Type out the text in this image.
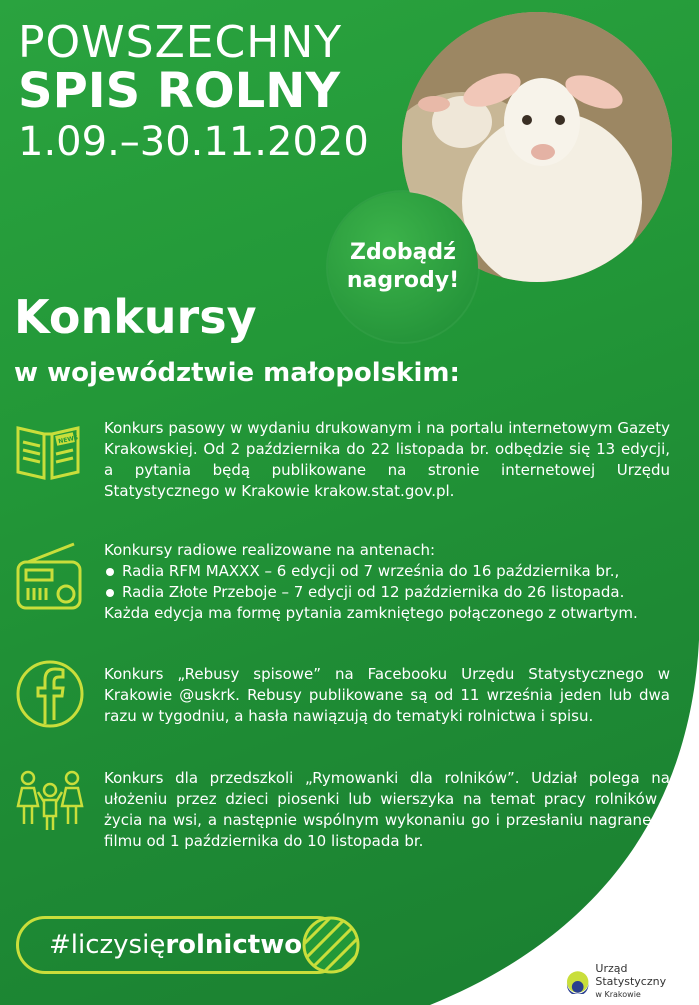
POWSZECHNY
SPIS ROLNY
1.09.–30.11.2020
Zdobądź
nagrody!
Konkursy
w województwie małopolskim:
NEWS

Konkurs pasowy w wydaniu drukowanym i na portalu internetowym Gazety Krakowskiej. Od 2 października do 22 listopada br. odbędzie się 13 edycji, a pytania będą publikowane na stronie internetowej Urzędu Statystycznego w Krakowie krakow.stat.gov.pl.

Konkursy radiowe realizowane na antenach:

Radia RFM MAXXX – 6 edycji od 7 września do 16 października br.,
Radia Złote Przeboje – 7 edycji od 12 października do 26 listopada.

Każda edycja ma formę pytania zamkniętego połączonego z otwartym.

Konkurs „Rebusy spisowe” na Facebooku Urzędu Statystycznego w Krakowie @uskrk. Rebusy publikowane są od 11 września jeden lub dwa razu w tygodniu, a hasła nawiązują do tematyki rolnictwa i spisu.

Konkurs dla przedszkoli „Rymowanki dla rolników”. Udział polega na ułożeniu przez dzieci piosenki lub wierszyka na temat pracy rolników i życia na wsi, a następnie wspólnym wykonaniu go i przesłaniu nagranego filmu od 1 października do 10 listopada br.

#liczysię rolnictwo
Urząd Statystyczny
w Krakowie
